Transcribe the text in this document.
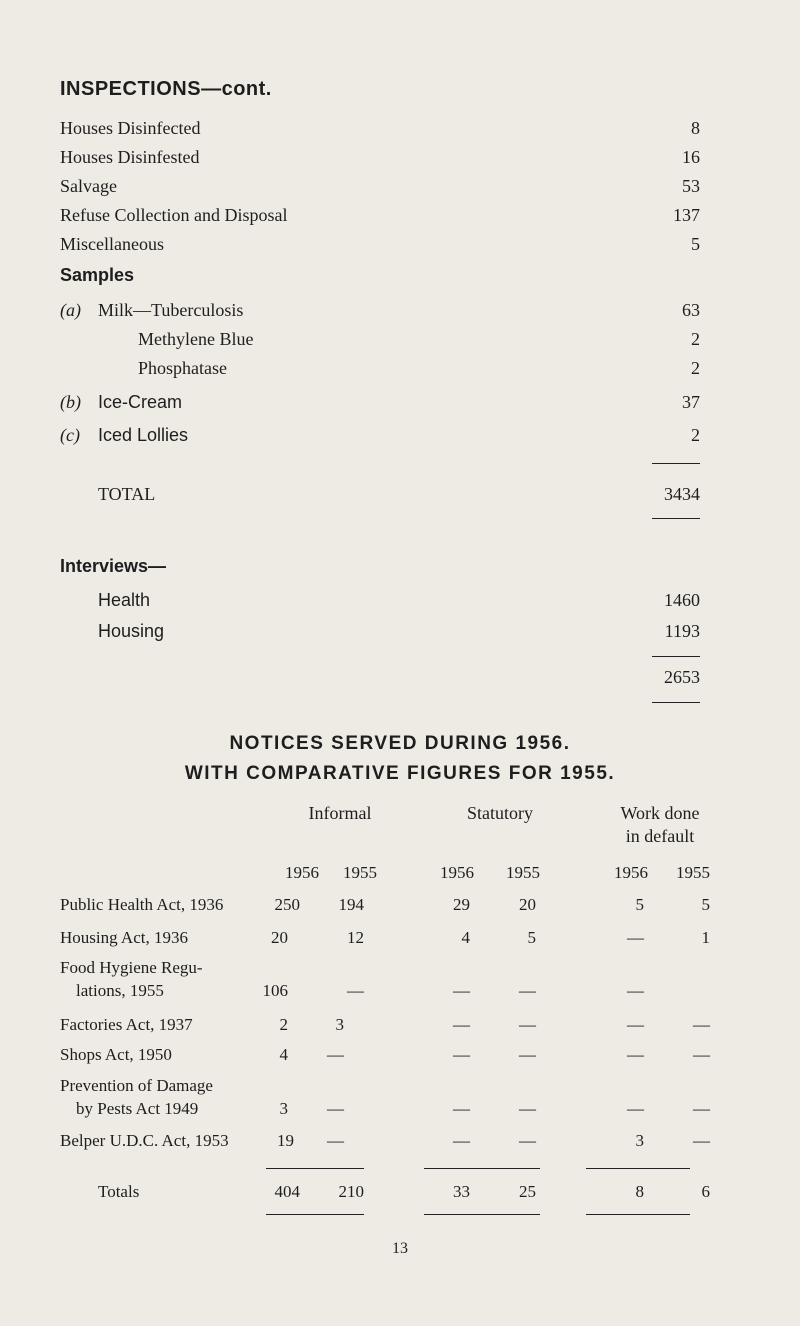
INSPECTIONS—cont.
Houses Disinfected	8
Houses Disinfested	16
Salvage	53
Refuse Collection and Disposal	137
Miscellaneous	5
Samples
(a) Milk—Tuberculosis	63
Methylene Blue	2
Phosphatase	2
(b) Ice-Cream	37
(c) Iced Lollies	2
TOTAL	3434
Interviews—
Health	1460
Housing	1193
2653
NOTICES SERVED DURING 1956.
WITH COMPARATIVE FIGURES FOR 1955.
Informal	Statutory	Work done
in default
1956	1955	1956	1955	1956	1955
Public Health Act, 1936	250	194	29	20	5	5
Housing Act, 1936	20	12	4	5	—	1
Food Hygiene Regu-
lations, 1955	106	—	—	—	—
Factories Act, 1937	2	3	—	—	—	—
Shops Act, 1950	4	—	—	—	—	—
Prevention of Damage
by Pests Act 1949	3	—	—	—	—	—
Belper U.D.C. Act, 1953	19	—	—	—	3	—
Totals	404	210	33	25	8	6
13
